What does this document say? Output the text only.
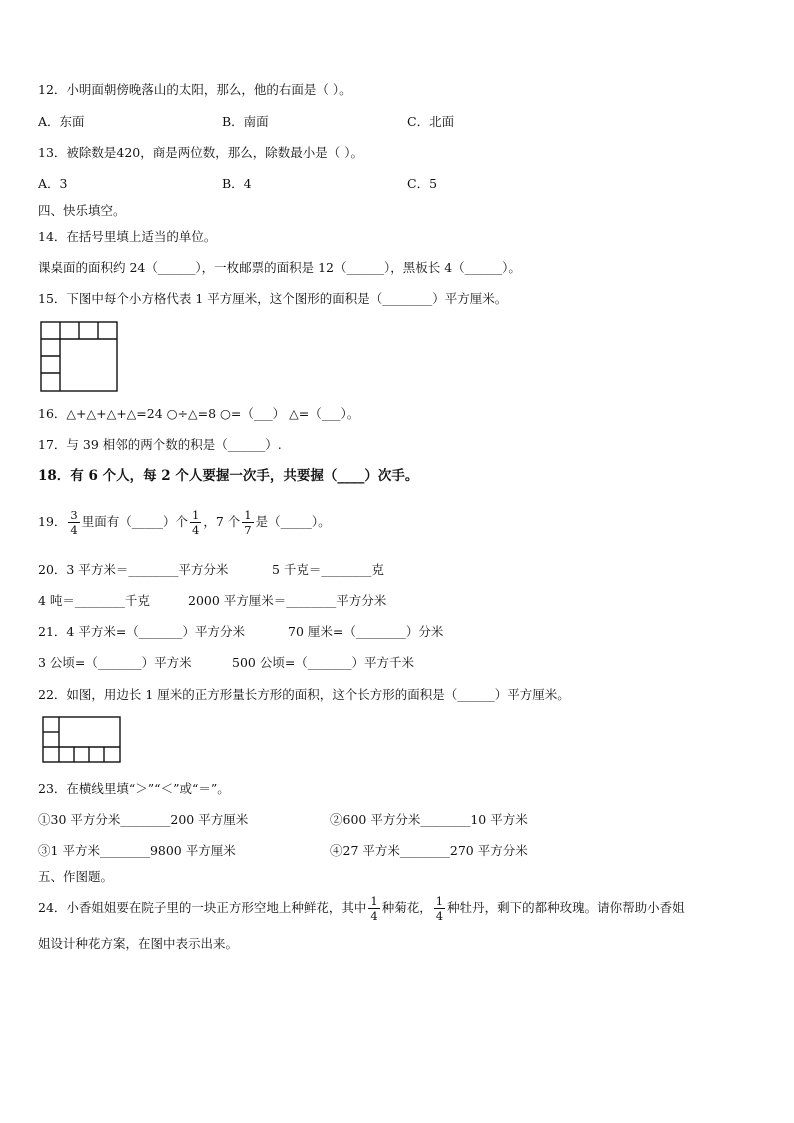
12．小明面朝傍晚落山的太阳，那么，他的右面是（ ）。
A．东面	B．南面	C．北面
13．被除数是420，商是两位数，那么，除数最小是（ ）。
A．3	B．4	C．5
四、快乐填空。
14．在括号里填上适当的单位。
课桌面的面积约 24（______），一枚邮票的面积是 12（______），黑板长 4（______）。
15．下图中每个小方格代表 1 平方厘米，这个图形的面积是（________）平方厘米。
16．△+△+△+△=24 ○÷△=8 ○=（___） △=（___）。
17．与 39 相邻的两个数的积是（______）.
18．有 6 个人，每 2 个人要握一次手，共要握（____）次手。
19． $\frac{3}{4}$ 里面有（_____）个 $\frac{1}{4}$ ，7 个 $\frac{1}{7}$ 是（_____）。
20．3 平方米＝________平方分米	5 千克＝________克
4 吨＝________千克	2000 平方厘米＝________平方分米
21．4 平方米=（_______）平方分米	70 厘米=（________）分米
3 公顷=（_______）平方米	500 公顷=（_______）平方千米
22．如图，用边长 1 厘米的正方形量长方形的面积，这个长方形的面积是（______）平方厘米。
23．在横线里填“＞”“＜”或“＝”。
①30 平方分米________200 平方厘米	②600 平方分米________10 平方米
③1 平方米________9800 平方厘米	④27 平方米________270 平方分米
五、作图题。
24．小香姐姐要在院子里的一块正方形空地上种鲜花，其中 $\frac{1}{4}$ 种菊花， $\frac{1}{4}$ 种牡丹，剩下的都种玫瑰。请你帮助小香姐
姐设计种花方案，在图中表示出来。
